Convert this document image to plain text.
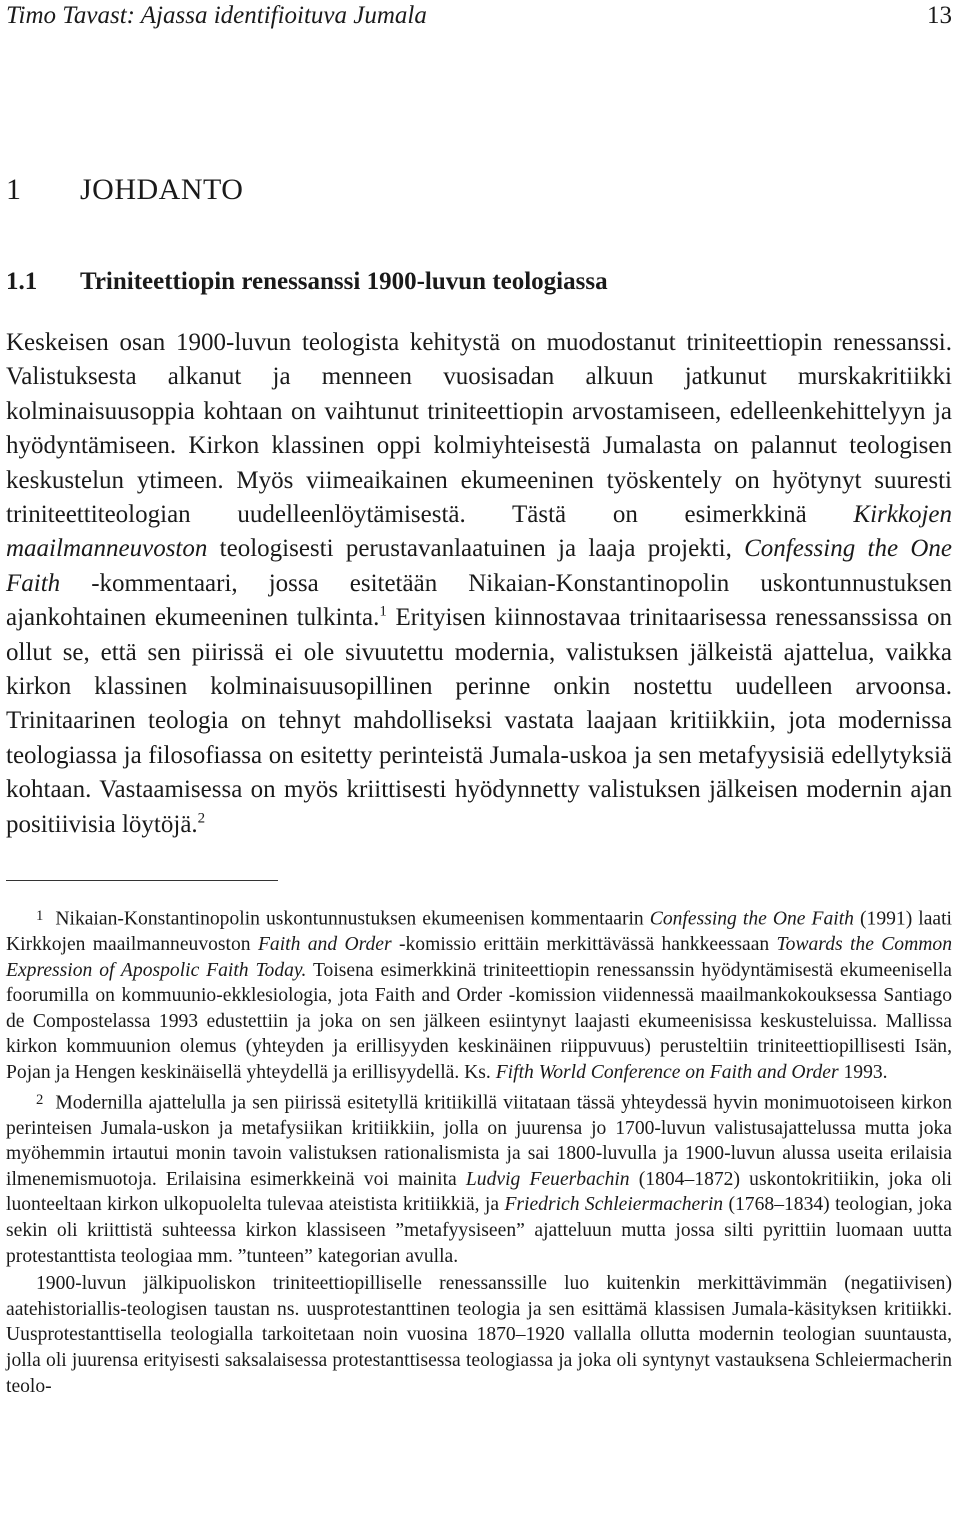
Timo Tavast: Ajassa identifioituva Jumala	13
1 JOHDANTO
1.1 Triniteettiopin renessanssi 1900-luvun teologiassa

Keskeisen osan 1900-luvun teologista kehitystä on muodostanut triniteettiopin renessanssi. Valistuksesta alkanut ja menneen vuosisadan alkuun jatkunut murskakritiikki kolminaisuusoppia kohtaan on vaihtunut triniteettiopin arvostamiseen, edelleenkehittelyyn ja hyödyntämiseen. Kirkon klassinen oppi kolmiyhteisestä Jumalasta on palannut teologisen keskustelun ytimeen. Myös viimeaikainen ekumeeninen työskentely on hyötynyt suuresti triniteettiteologian uudelleenlöytämisestä. Tästä on esimerkkinä Kirkkojen maailmanneuvoston teologisesti perustavanlaatuinen ja laaja projekti, Confessing the One Faith -kommentaari, jossa esitetään Nikaian-Konstantinopolin uskontunnustuksen ajankohtainen ekumeeninen tulkinta.$^1$ Erityisen kiinnostavaa trinitaarisessa renessanssissa on ollut se, että sen piirissä ei ole sivuutettu modernia, valistuksen jälkeistä ajattelua, vaikka kirkon klassinen kolminaisuusopillinen perinne onkin nostettu uudelleen arvoonsa. Trinitaarinen teologia on tehnyt mahdolliseksi vastata laajaan kritiikkiin, jota modernissa teologiassa ja filosofiassa on esitetty perinteistä Jumala-uskoa ja sen metafyysisiä edellytyksiä kohtaan. Vastaamisessa on myös kriittisesti hyödynnetty valistuksen jälkeisen modernin ajan positiivisia löytöjä.$^2$

$^1$ Nikaian-Konstantinopolin uskontunnustuksen ekumeenisen kommentaarin Confessing the One Faith (1991) laati Kirkkojen maailmanneuvoston Faith and Order -komissio erittäin merkittävässä hankkeessaan Towards the Common Expression of Apospolic Faith Today. Toisena esimerkkinä triniteettiopin renessanssin hyödyntämisestä ekumeenisella foorumilla on kommuunio-ekklesiologia, jota Faith and Order -komission viidennessä maailmankokouksessa Santiago de Compostelassa 1993 edustettiin ja joka on sen jälkeen esiintynyt laajasti ekumeenisissa keskusteluissa. Mallissa kirkon kommuunion olemus (yhteyden ja erillisyyden keskinäinen riippuvuus) perusteltiin triniteettiopillisesti Isän, Pojan ja Hengen keskinäisellä yhteydellä ja erillisyydellä. Ks. Fifth World Conference on Faith and Order 1993.

$^2$ Modernilla ajattelulla ja sen piirissä esitetyllä kritiikillä viitataan tässä yhteydessä hyvin monimuotoiseen kirkon perinteisen Jumala-uskon ja metafysiikan kritiikkiin, jolla on juurensa jo 1700-luvun valistusajattelussa mutta joka myöhemmin irtautui monin tavoin valistuksen rationalismista ja sai 1800-luvulla ja 1900-luvun alussa useita erilaisia ilmenemismuotoja. Erilaisina esimerkkeinä voi mainita Ludvig Feuerbachin (1804–1872) uskontokritiikin, joka oli luonteeltaan kirkon ulkopuolelta tulevaa ateistista kritiikkiä, ja Friedrich Schleiermacherin (1768–1834) teologian, joka sekin oli kriittistä suhteessa kirkon klassiseen ”metafyysiseen” ajatteluun mutta jossa silti pyrittiin luomaan uutta protestanttista teologiaa mm. ”tunteen” kategorian avulla.

1900-luvun jälkipuoliskon triniteettiopilliselle renessanssille luo kuitenkin merkittävimmän (negatiivisen) aatehistoriallis-teologisen taustan ns. uusprotestanttinen teologia ja sen esittämä klassisen Jumala-käsityksen kritiikki. Uusprotestanttisella teologialla tarkoitetaan noin vuosina 1870–1920 vallalla ollutta modernin teologian suuntausta, jolla oli juurensa erityisesti saksalaisessa protestanttisessa teologiassa ja joka oli syntynyt vastauksena Schleiermacherin teolo-
